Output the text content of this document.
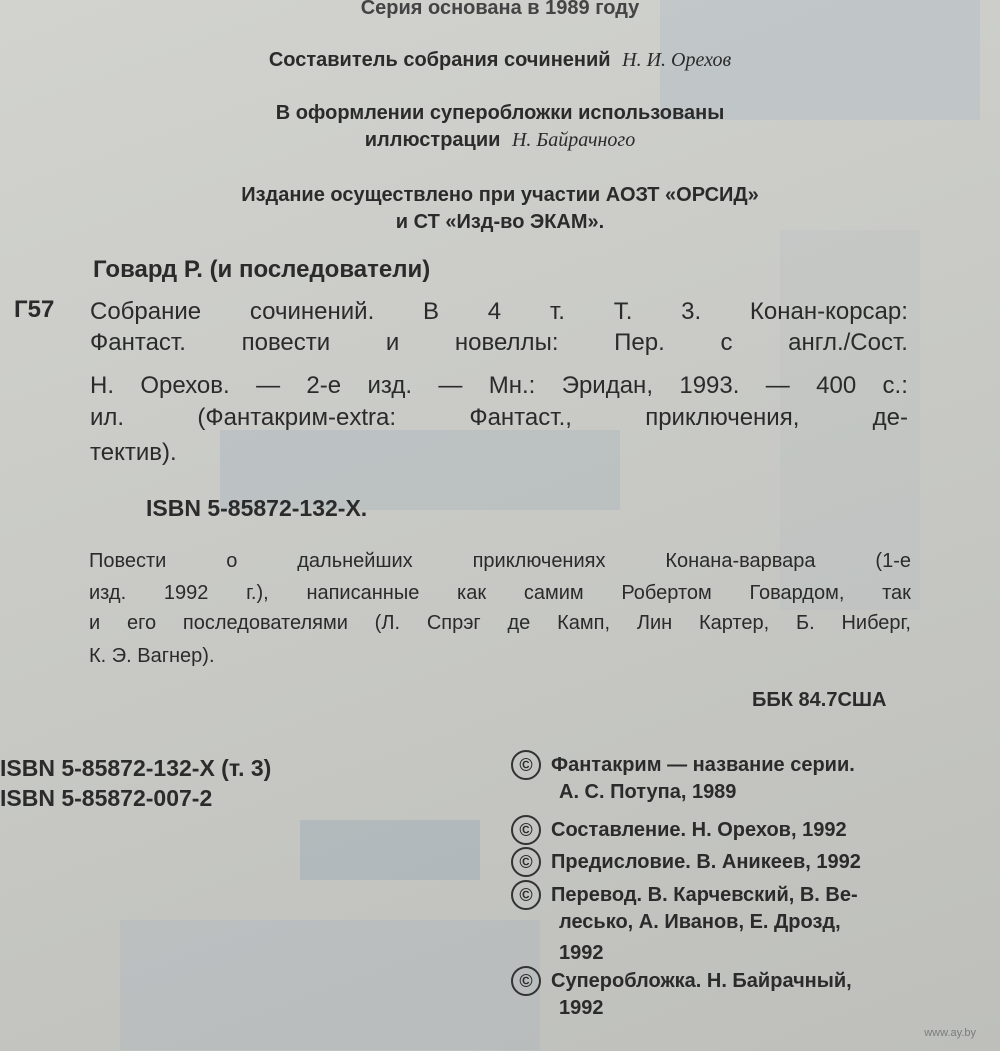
Серия основана в 1989 году

Составитель собрания сочинений Н. И. Орехов

В оформлении суперобложки использованы

иллюстрации Н. Байрачного

Издание осуществлено при участии АОЗТ «ОРСИД»

и СТ «Изд-во ЭКАМ».

Говард Р. (и последователи)

Г57 Собрание сочинений. В 4 т. Т. 3. Конан-корсар:

Фантаст. повести и новеллы: Пер. с англ./Сост.

Н. Орехов. — 2-е изд. — Мн.: Эридан, 1993. — 400 с.:

ил.	(Фантакрим-extra:	Фантаст.,	приключения,	де-

тектив).

ISBN 5-85872-132-X.

Повести	о	дальнейших	приключениях	Конана-варвара	(1-е

изд. 1992 г.), написанные как самим Робертом Говардом, так

и его последователями (Л. Спрэг де Камп, Лин Картер, Б. Ниберг,

К. Э. Вагнер).

ББК 84.7США

ISBN 5-85872-132-X (т. 3)

ISBN 5-85872-007-2

© Фантакрим — название серии.
А. С. Потупа, 1989
© Составление. Н. Орехов, 1992
© Предисловие. В. Аникеев, 1992
© Перевод. В. Карчевский, В. Ве-
лесько, А. Иванов, Е. Дрозд,
1992
© Суперобложка. Н. Байрачный,
1992
www.ay.by
